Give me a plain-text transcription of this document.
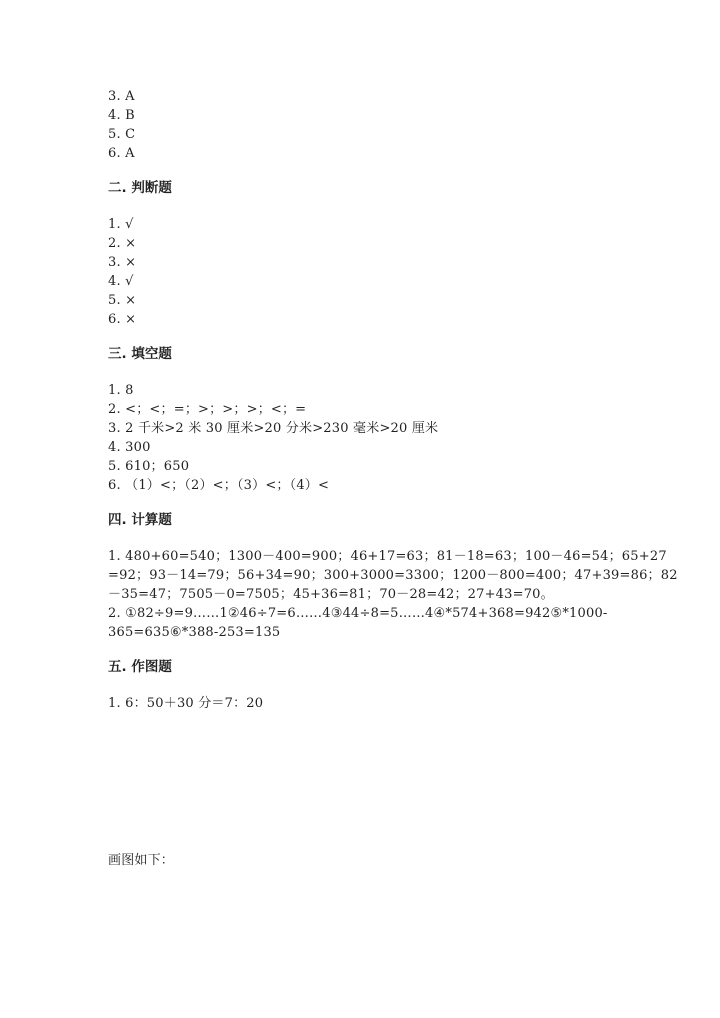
3. A
4. B
5. C
6. A
二. 判断题
1. √
2. ×
3. ×
4. √
5. ×
6. ×
三. 填空题
1. 8
2. <；<；=；>；>；>；<；=
3. 2 千米>2 米 30 厘米>20 分米>230 毫米>20 厘米
4. 300
5. 610；650
6. （1）<；（2）<；（3）<；（4）<
四. 计算题
1. 480+60=540；1300－400=900；46+17=63；81－18=63；100－46=54；65+27
=92；93－14=79；56+34=90；300+3000=3300；1200－800=400；47+39=86；82
－35=47；7505－0=7505；45+36=81；70－28=42；27+43=70。
2. ①82÷9=9……1②46÷7=6……4③44÷8=5……4④*574+368=942⑤*1000-
365=635⑥*388-253=135
五. 作图题
1. 6：50＋30 分＝7：20
画图如下：
